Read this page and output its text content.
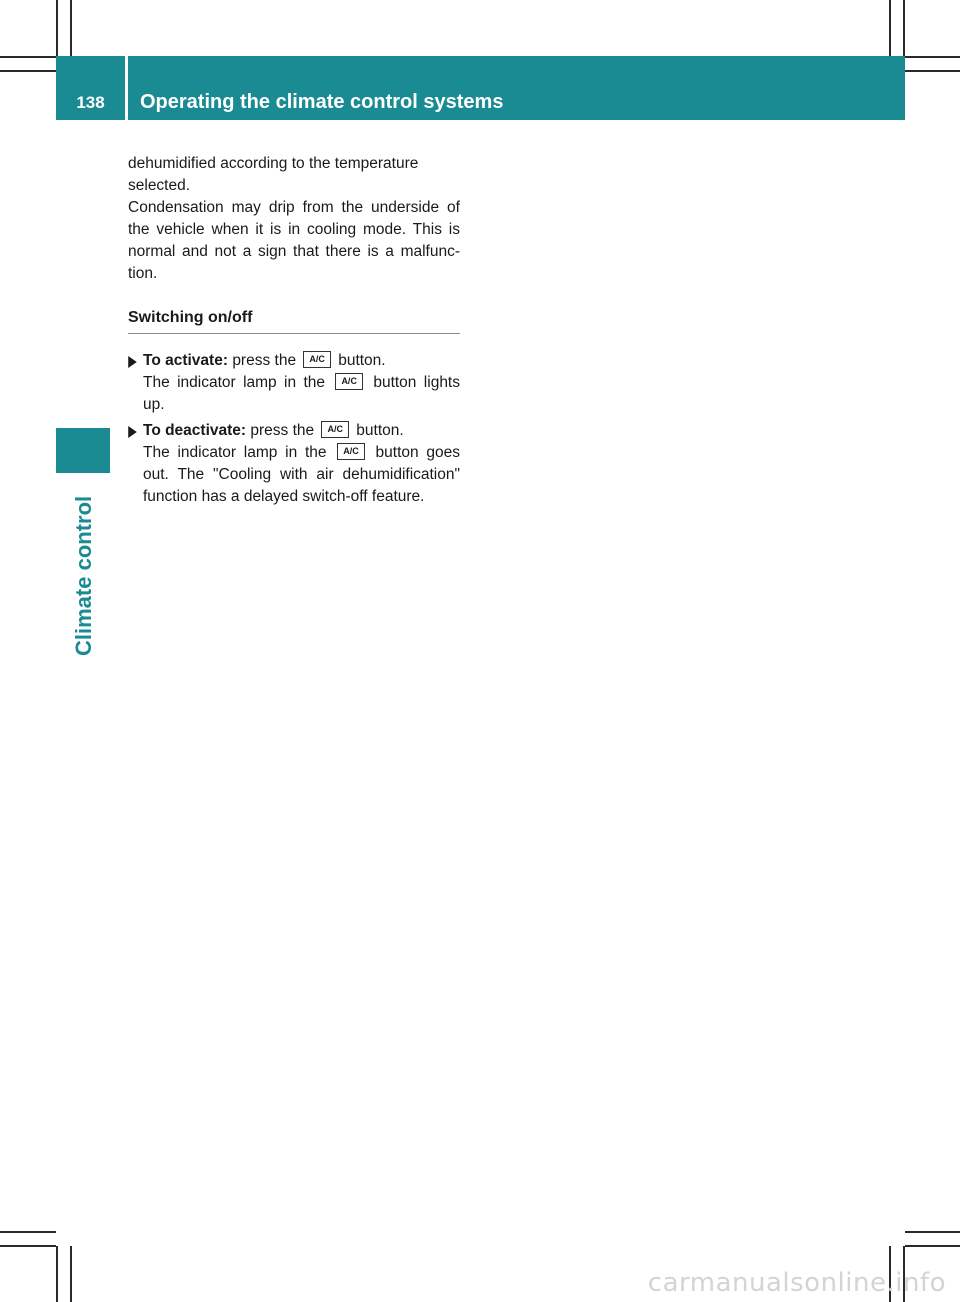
138	Operating the climate control systems
Climate control

dehumidified according to the temperature selected.

Condensation may drip from the underside of the vehicle when it is in cooling mode. This is normal and not a sign that there is a malfunc-tion.

Switching on/off
To activate: press the A/C button.
The indicator lamp in the A/C button lights up.
To deactivate: press the A/C button.
The indicator lamp in the A/C button goes out. The "Cooling with air dehumidification" function has a delayed switch-off feature.
carmanualsonline.info
